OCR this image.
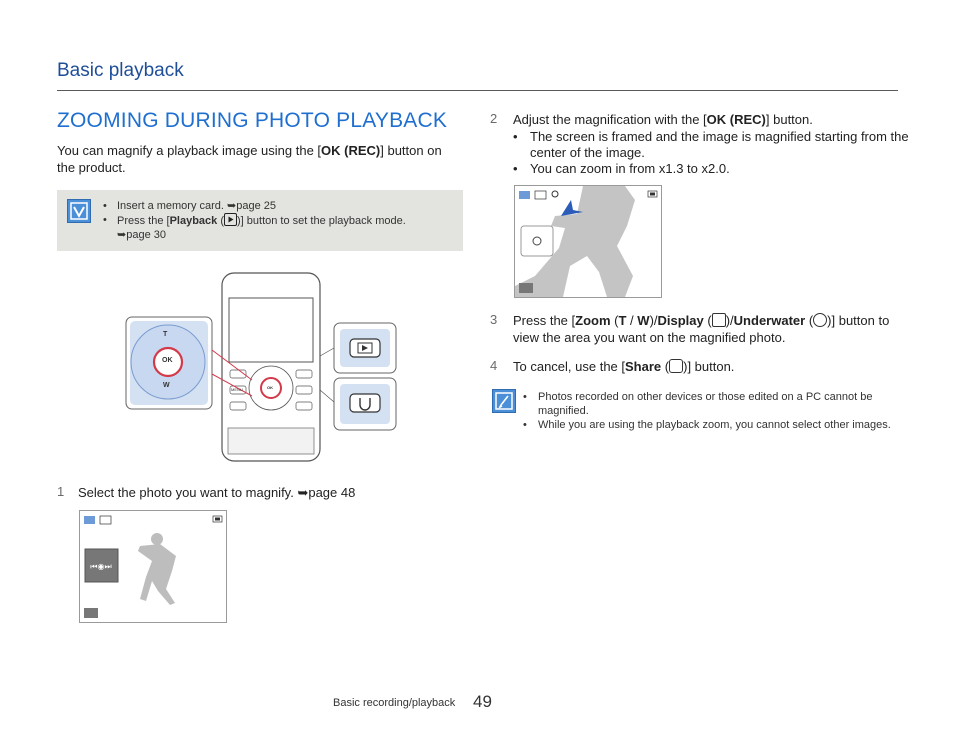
Basic playback
ZOOMING DURING PHOTO PLAYBACK
You can magnify a playback image using the [OK (REC)] button on the product.
• Insert a memory card. ➥page 25
• Press the [Playback ( )] button to set the playback mode.
➥page 30
T
W
OK
OK
MENU
1 Select the photo you want to magnify. ➥page 48
⏮◉⏭
2 Adjust the magnification with the [OK (REC)] button.
• The screen is framed and the image is magnified starting from the center of the image.
• You can zoom in from x1.3 to x2.0.
3 Press the [Zoom (T / W)/Display ( )/Underwater ( )] button to view the area you want on the magnified photo.
4 To cancel, use the [Share ( )] button.
• Photos recorded on other devices or those edited on a PC cannot be magnified.
• While you are using the playback zoom, you cannot select other images.
Basic recording/playback 49
